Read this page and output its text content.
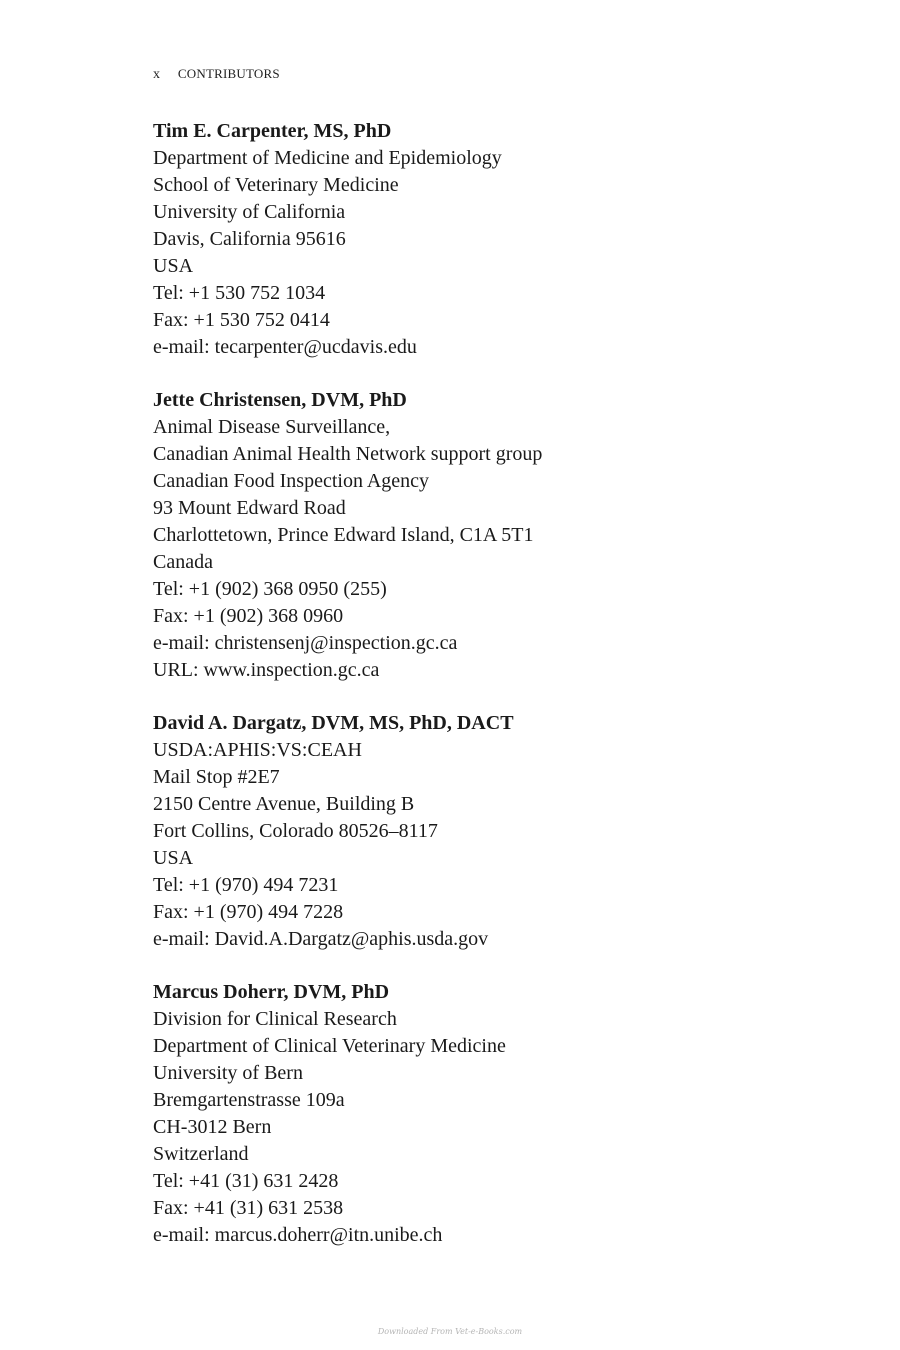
x CONTRIBUTORS

Tim E. Carpenter, MS, PhD

Department of Medicine and Epidemiology

School of Veterinary Medicine

University of California

Davis, California 95616

USA

Tel: +1 530 752 1034

Fax: +1 530 752 0414

e-mail: tecarpenter@ucdavis.edu

Jette Christensen, DVM, PhD

Animal Disease Surveillance,

Canadian Animal Health Network support group

Canadian Food Inspection Agency

93 Mount Edward Road

Charlottetown, Prince Edward Island, C1A 5T1

Canada

Tel: +1 (902) 368 0950 (255)

Fax: +1 (902) 368 0960

e-mail: christensenj@inspection.gc.ca

URL: www.inspection.gc.ca

David A. Dargatz, DVM, MS, PhD, DACT

USDA:APHIS:VS:CEAH

Mail Stop #2E7

2150 Centre Avenue, Building B

Fort Collins, Colorado 80526–8117

USA

Tel: +1 (970) 494 7231

Fax: +1 (970) 494 7228

e-mail: David.A.Dargatz@aphis.usda.gov

Marcus Doherr, DVM, PhD

Division for Clinical Research

Department of Clinical Veterinary Medicine

University of Bern

Bremgartenstrasse 109a

CH-3012 Bern

Switzerland

Tel: +41 (31) 631 2428

Fax: +41 (31) 631 2538

e-mail: marcus.doherr@itn.unibe.ch

Downloaded From Vet-e-Books.com
